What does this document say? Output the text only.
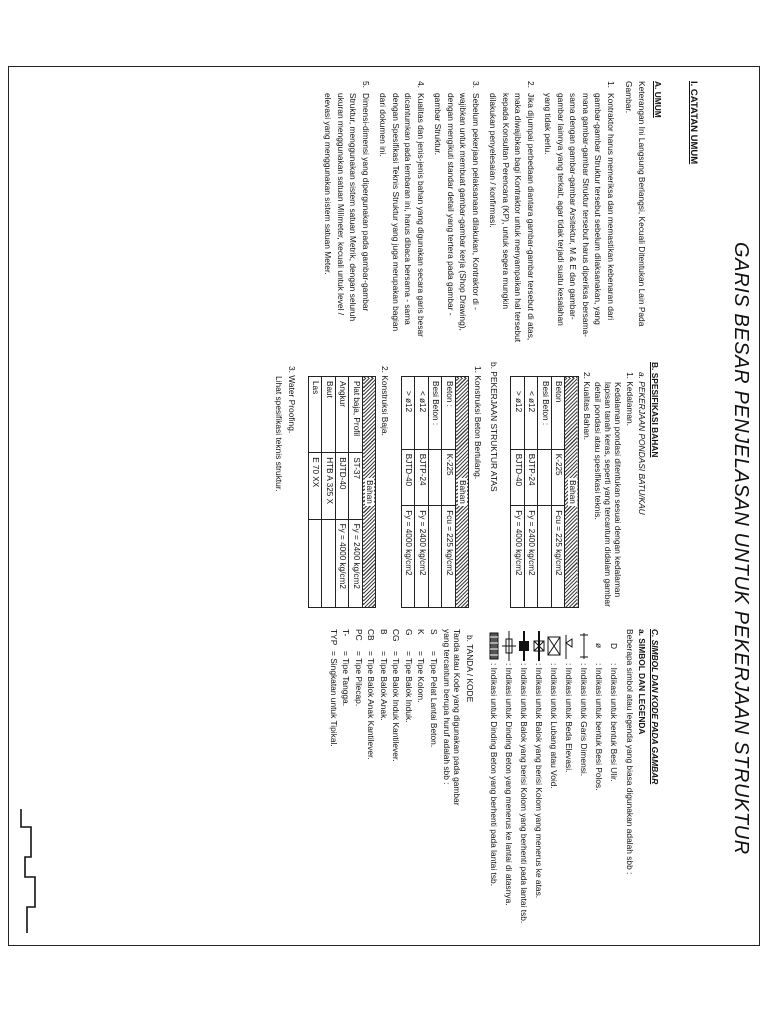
GARIS BESAR PENJELASAN UNTUK PEKERJAAN STRUKTUR
I. CATATAN UMUM
A. UMUM

Keterangan Ini Langsung Berlangsi, Kecuali Ditentukan Lain Pada Gambar.

1.
Kontraktor harus memeriksa dan memastikan kebenaran dari gambar-gambar Struktur tersebut sebelum dilaksanakan, yang mana gambar-gambar Struktur tersebut harus diperiksa bersama-sama dengan gambar-gambar Arsitektur, M & E dan gambar-gambar lainnya yang terkait, agar tidak terjadi suatu kesalahan yang tidak perlu.
2.
Jika dijumpai perbedaan diantara gambar-gambar tersebut di atas, maka diwajibkan bagi Kontraktor untuk menyampaikan hal tersebut kepada Konsultan Perencana (KP), untuk segera mungkin dilakukan penyelesaian / konfirmasi.
3.
Sebelum pekerjaan pelaksanaan dilakukan, Kontraktor di - wajibkan untuk membuat gambar-gambar kerja (Shop Drawing), dengan mengikuti standar detail yang tertera pada gambar - gambar Struktur.
4.
Kualitas dan jenis-jenis bahan yang digunakan secara garis besar dicantumkan pada lembaran ini, harus dibaca bersama - sama dengan Spesifikasi Teknis Struktur yang juga merupakan bagian dari dokumen ini.
5.
Dimensi-dimensi yang dipergunakan pada gambar-gambar Struktur, menggunakan sistem satuan Metrik, dengan seluruh ukuran menggunakan satuan Milimeter, kecuali untuk level / elevasi yang menggunakan sistem satuan Meter.
B. SPESIFIKASI BAHAN
a. PEKERJAAN PONDASI BATU/KAU
1. Kedalaman.

Kedalaman pondasi ditentukan sesuai dengan kedalaman lapisan tanah keras, seperti yang tercantum didalam gambar detail pondasi atau spesifikasi teknis.

2. Kualitas Bahan.
Bahan		
Beton	K-225	Fcu = 225 kg/cm2
Besi Beton :		
< ø12	BJTP-24	Fy = 2400 kg/cm2
> ø12	BJTD-40	Fy = 4000 kg/cm2
b. PEKERJAAN STRUKTUR ATAS
1. Konstruksi Beton Bertulang.
Bahan		
Beton :	K-225	Fcu = 225 kg/cm2
Besi Beton :		
< ø12	BJTP-24	Fy = 2400 kg/cm2
> ø12	BJTD-40	Fy = 4000 kg/cm2
2. Konstruksi Baja.
Bahan		
Plat baja, Profil	ST-37	Fy = 2400 kg/cm2
Angkur	BJTD-40	Fy = 4000 kg/cm2
Baut	HTB A 325 X	
Las	E 70 XX	
3. Water Proofing.
Lihat spesifikasi teknis struktur.
C. SIMBOL DAN KODE PADA GAMBAR
a. SIMBOL DAN LEGENDA
Beberapa simbol atau legenda yang biasa digunakan adalah sbb :
D
: Indikasi untuk bentuk Besi Ulir.
ø
: Indikasi untuk bentuk Besi Polos.
: Indikasi untuk Garis Dimensi.
: Indikasi untuk Beda Elevasi.
: Indikasi untuk Lubang atau Void.
: Indikasi untuk Balok yang berisi Kolom yang menerus ke atas.
: Indikasi untuk Balok yang berisi Kolom yang berhenti pada lantai tsb.
: Indikasi untuk Dinding Beton yang menerus ke lantai di atasnya.
: Indikasi untuk Dinding Beton yang berhenti pada lantai tsb.
b. TANDA / KODE

Tanda atau Kode yang digunakan pada gambar yang tercantum berupa huruf adalah sbb :

S
= Tipe Pelat Lantai Beton.
K
= Tipe Kolom.
G
= Tipe Balok Induk.
CG
= Tipe Balok Induk Kantilever.
B
= Tipe Balok Anak.
CB
= Tipe Balok Anak Kantilever.
PC
= Tipe Pilecap.
T-
= Tipe Tangga.
TYP
= Singkatan untuk Tipikal.
